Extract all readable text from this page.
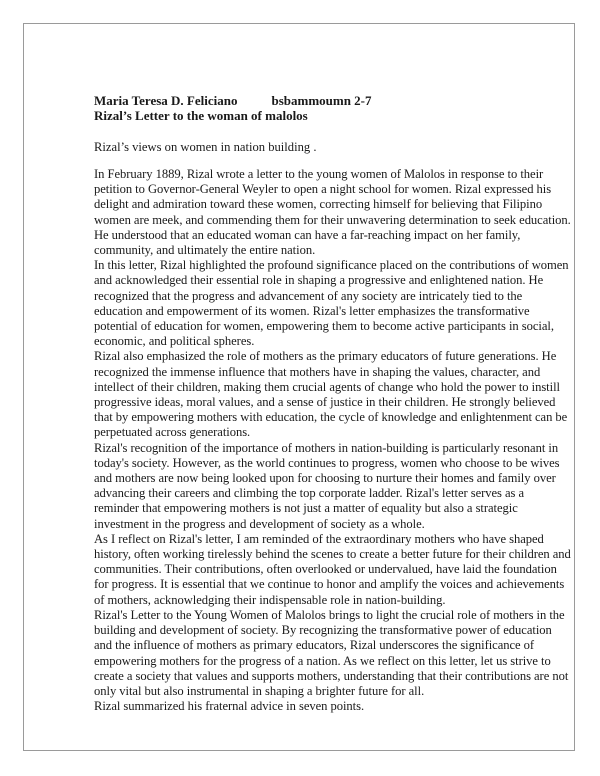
Maria Teresa D. Feliciano	bsbammoumn 2-7
Rizal’s Letter to the woman of malolos
Rizal’s views on women in nation building .

In February 1889, Rizal wrote a letter to the young women of Malolos in response to their petition to Governor-General Weyler to open a night school for women. Rizal expressed his delight and admiration toward these women, correcting himself for believing that Filipino women are meek, and commending them for their unwavering determination to seek education. He understood that an educated woman can have a far-reaching impact on her family, community, and ultimately the entire nation.

In this letter, Rizal highlighted the profound significance placed on the contributions of women and acknowledged their essential role in shaping a progressive and enlightened nation. He recognized that the progress and advancement of any society are intricately tied to the education and empowerment of its women. Rizal's letter emphasizes the transformative potential of education for women, empowering them to become active participants in social, economic, and political spheres.

Rizal also emphasized the role of mothers as the primary educators of future generations. He recognized the immense influence that mothers have in shaping the values, character, and intellect of their children, making them crucial agents of change who hold the power to instill progressive ideas, moral values, and a sense of justice in their children. He strongly believed that by empowering mothers with education, the cycle of knowledge and enlightenment can be perpetuated across generations.

Rizal's recognition of the importance of mothers in nation-building is particularly resonant in today's society. However, as the world continues to progress, women who choose to be wives and mothers are now being looked upon for choosing to nurture their homes and family over advancing their careers and climbing the top corporate ladder. Rizal's letter serves as a reminder that empowering mothers is not just a matter of equality but also a strategic investment in the progress and development of society as a whole.

As I reflect on Rizal's letter, I am reminded of the extraordinary mothers who have shaped history, often working tirelessly behind the scenes to create a better future for their children and communities. Their contributions, often overlooked or undervalued, have laid the foundation for progress. It is essential that we continue to honor and amplify the voices and achievements of mothers, acknowledging their indispensable role in nation-building.

Rizal's Letter to the Young Women of Malolos brings to light the crucial role of mothers in the building and development of society. By recognizing the transformative power of education and the influence of mothers as primary educators, Rizal underscores the significance of empowering mothers for the progress of a nation. As we reflect on this letter, let us strive to create a society that values and supports mothers, understanding that their contributions are not only vital but also instrumental in shaping a brighter future for all.

Rizal summarized his fraternal advice in seven points.
